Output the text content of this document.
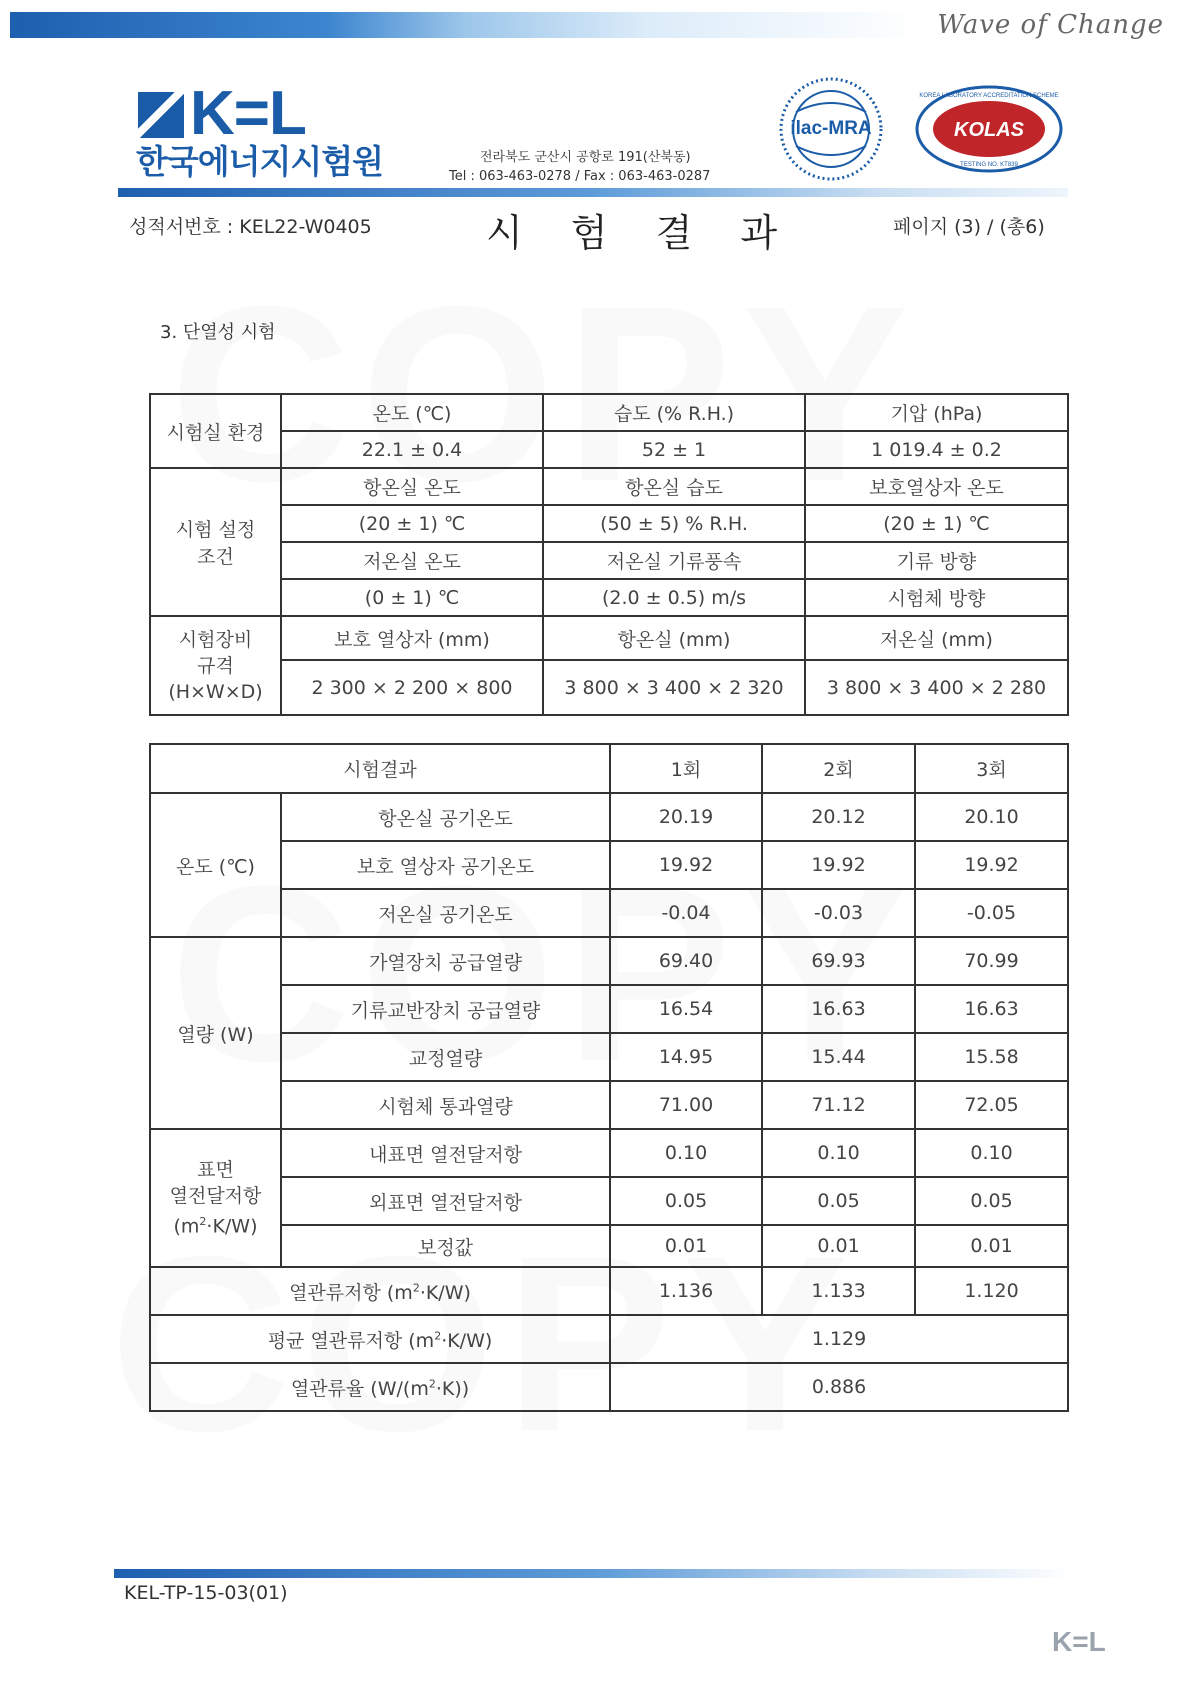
Wave of Change
K=L
한국에너지시험원	전라북도 군산시 공항로 191(산북동)
Tel : 063-463-0278 / Fax : 063-463-0287
ilac-MRA
KOREA LABORATORY ACCREDITATION SCHEME
KOLAS
TESTING NO. KT839
성적서번호 : KEL22-W0405	시 험 결 과	페이지 (3) / (총6)
3. 단열성 시험
시험실 환경	온도 (℃)	습도 (% R.H.)	기압 (hPa)
	22.1 ± 0.4	52 ± 1	1 019.4 ± 0.2
시험 설정 조건	항온실 온도	항온실 습도	보호열상자 온도
	(20 ± 1) ℃	(50 ± 5) % R.H.	(20 ± 1) ℃
	저온실 온도	저온실 기류풍속	기류 방향
	(0 ± 1) ℃	(2.0 ± 0.5) m/s	시험체 방향
시험장비 규격 (H×W×D)	보호 열상자 (mm)	항온실 (mm)	저온실 (mm)
	2 300 × 2 200 × 800	3 800 × 3 400 × 2 320	3 800 × 3 400 × 2 280
시험결과		1회	2회	3회
온도 (℃)	항온실 공기온도	20.19	20.12	20.10
	보호 열상자 공기온도	19.92	19.92	19.92
	저온실 공기온도	-0.04	-0.03	-0.05
열량 (W)	가열장치 공급열량	69.40	69.93	70.99
	기류교반장치 공급열량	16.54	16.63	16.63
	교정열량	14.95	15.44	15.58
	시험체 통과열량	71.00	71.12	72.05

표면
열전달저항
$(m^2\cdot K/W)$	내표면 열전달저항	0.10	0.10	0.10
	외표면 열전달저항	0.05	0.05	0.05
	보정값	0.01	0.01	0.01
열관류저항 $(m^2\cdot K/W)$		1.136	1.133	1.120
평균 열관류저항 $(m^2\cdot K/W)$		1.129		
열관류율 $(W/(m^2\cdot K))$		0.886		
KEL-TP-15-03(01)
K=L
